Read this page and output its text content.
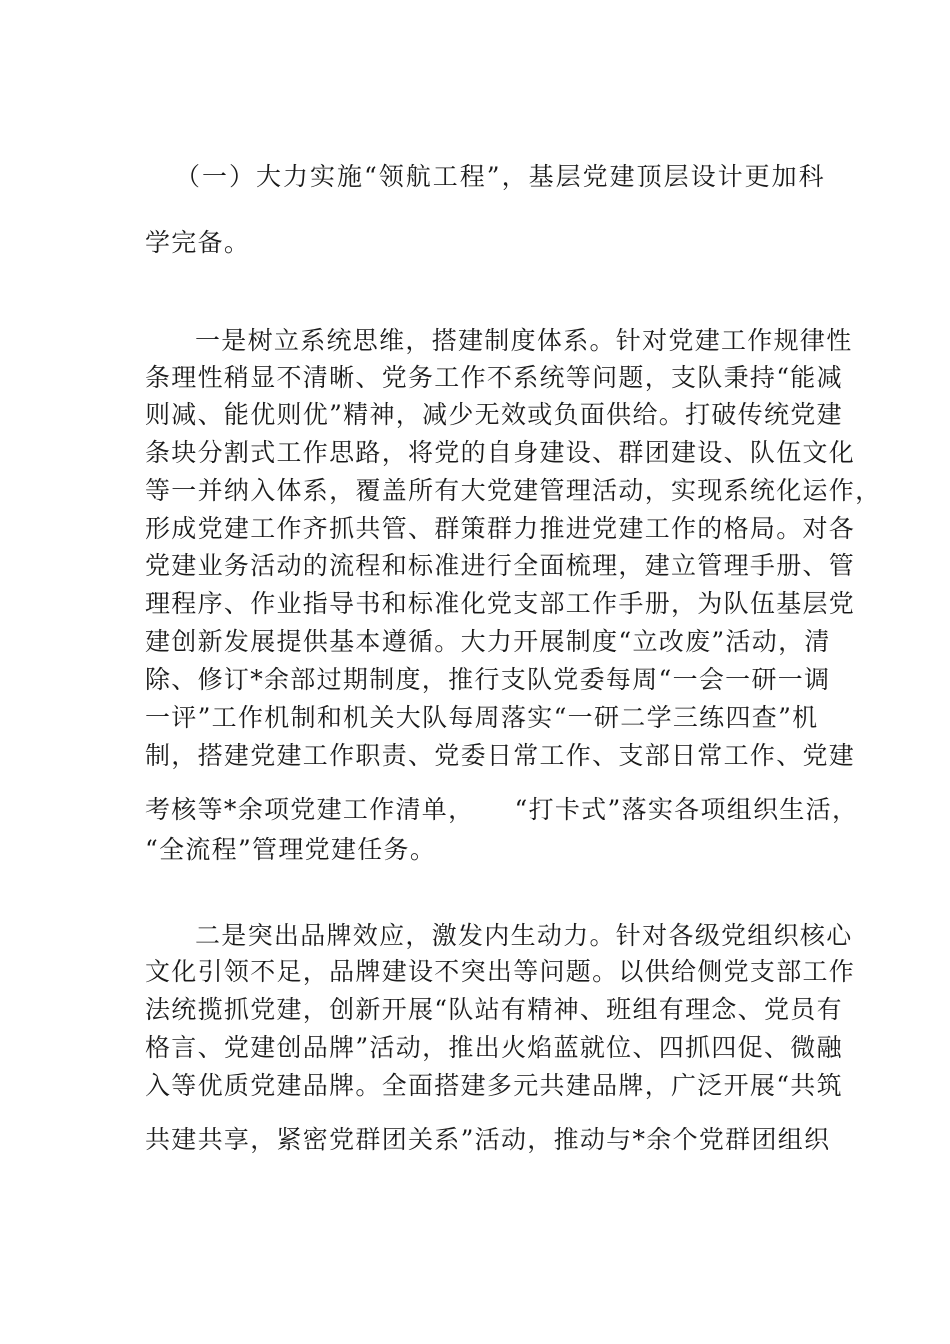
（一）大力实施“领航工程”，基层党建顶层设计更加科
学完备。
一是树立系统思维，搭建制度体系。针对党建工作规律性
条理性稍显不清晰、党务工作不系统等问题，支队秉持“能减
则减、能优则优”精神，减少无效或负面供给。打破传统党建
条块分割式工作思路，将党的自身建设、群团建设、队伍文化
等一并纳入体系，覆盖所有大党建管理活动，实现系统化运作，
形成党建工作齐抓共管、群策群力推进党建工作的格局。对各
党建业务活动的流程和标准进行全面梳理，建立管理手册、管
理程序、作业指导书和标准化党支部工作手册，为队伍基层党
建创新发展提供基本遵循。大力开展制度“立改废”活动，清
除、修订*余部过期制度，推行支队党委每周“一会一研一调
一评”工作机制和机关大队每周落实“一研二学三练四查”机
制，搭建党建工作职责、党委日常工作、支部日常工作、党建
考核等*余项党建工作清单，　　“打卡式”落实各项组织生活，
“全流程”管理党建任务。
二是突出品牌效应，激发内生动力。针对各级党组织核心
文化引领不足，品牌建设不突出等问题。以供给侧党支部工作
法统揽抓党建，创新开展“队站有精神、班组有理念、党员有
格言、党建创品牌”活动，推出火焰蓝就位、四抓四促、微融
入等优质党建品牌。全面搭建多元共建品牌，广泛开展“共筑
共建共享，紧密党群团关系”活动，推动与*余个党群团组织
